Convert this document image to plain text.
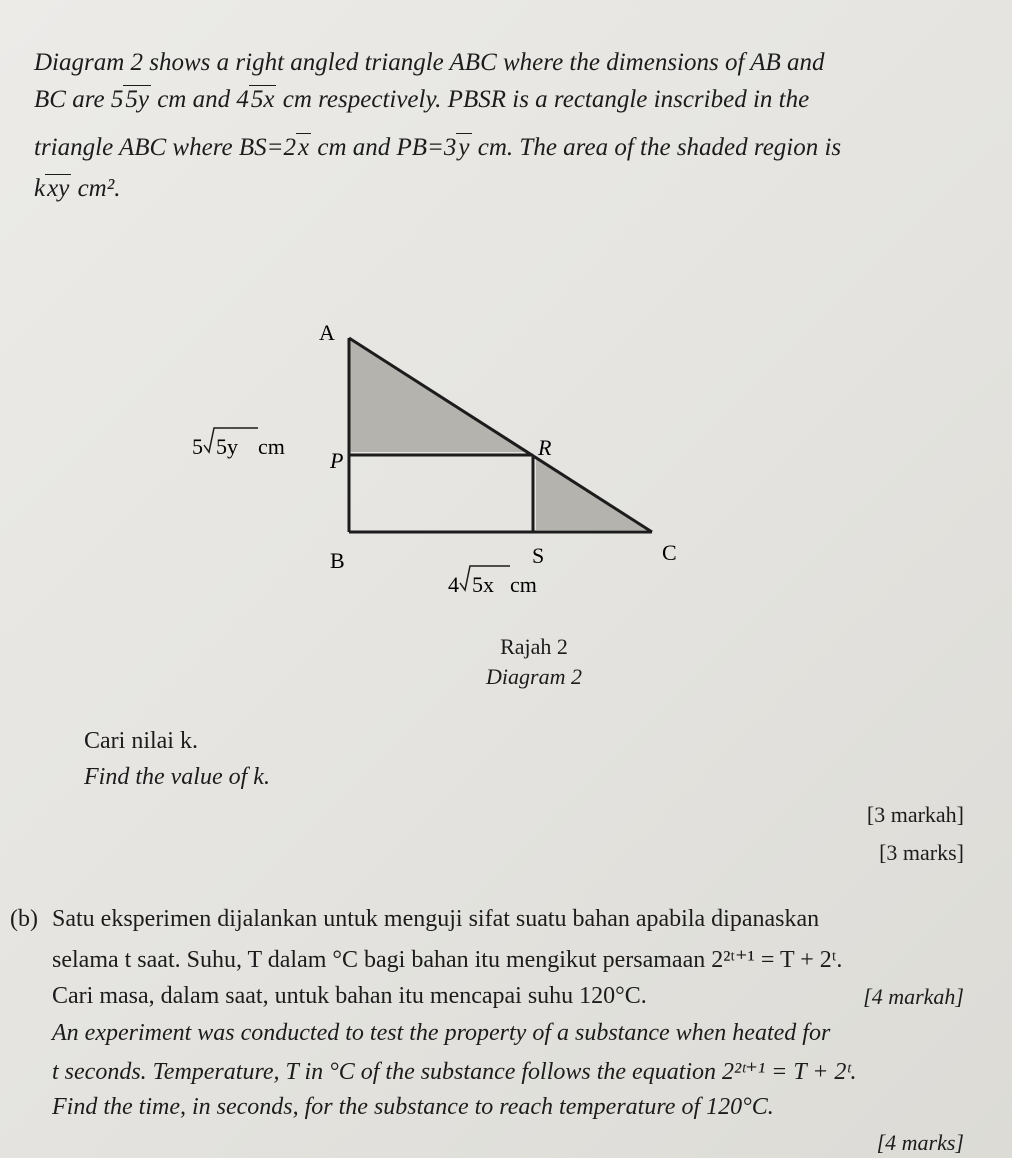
Diagram 2 shows a right angled triangle ABC where the dimensions of AB and

BC are 55y cm and 45x cm respectively. PBSR is a rectangle inscribed in the

triangle ABC where BS=2x cm and PB=3y cm. The area of the shaded region is

kxy cm².

A
P
R
B	S	C
5 5y cm
4 5x cm

Rajah 2

Diagram 2

Cari nilai k.

Find the value of k.

[3 markah]

[3 marks]

(b) Satu eksperimen dijalankan untuk menguji sifat suatu bahan apabila dipanaskan

selama t saat. Suhu, T dalam °C bagi bahan itu mengikut persamaan 2²ᵗ⁺¹ = T + 2ᵗ.

Cari masa, dalam saat, untuk bahan itu mencapai suhu 120°C.	[4 markah]

An experiment was conducted to test the property of a substance when heated for

t seconds. Temperature, T in °C of the substance follows the equation 2²ᵗ⁺¹ = T + 2ᵗ.

Find the time, in seconds, for the substance to reach temperature of 120°C.

[4 marks]
